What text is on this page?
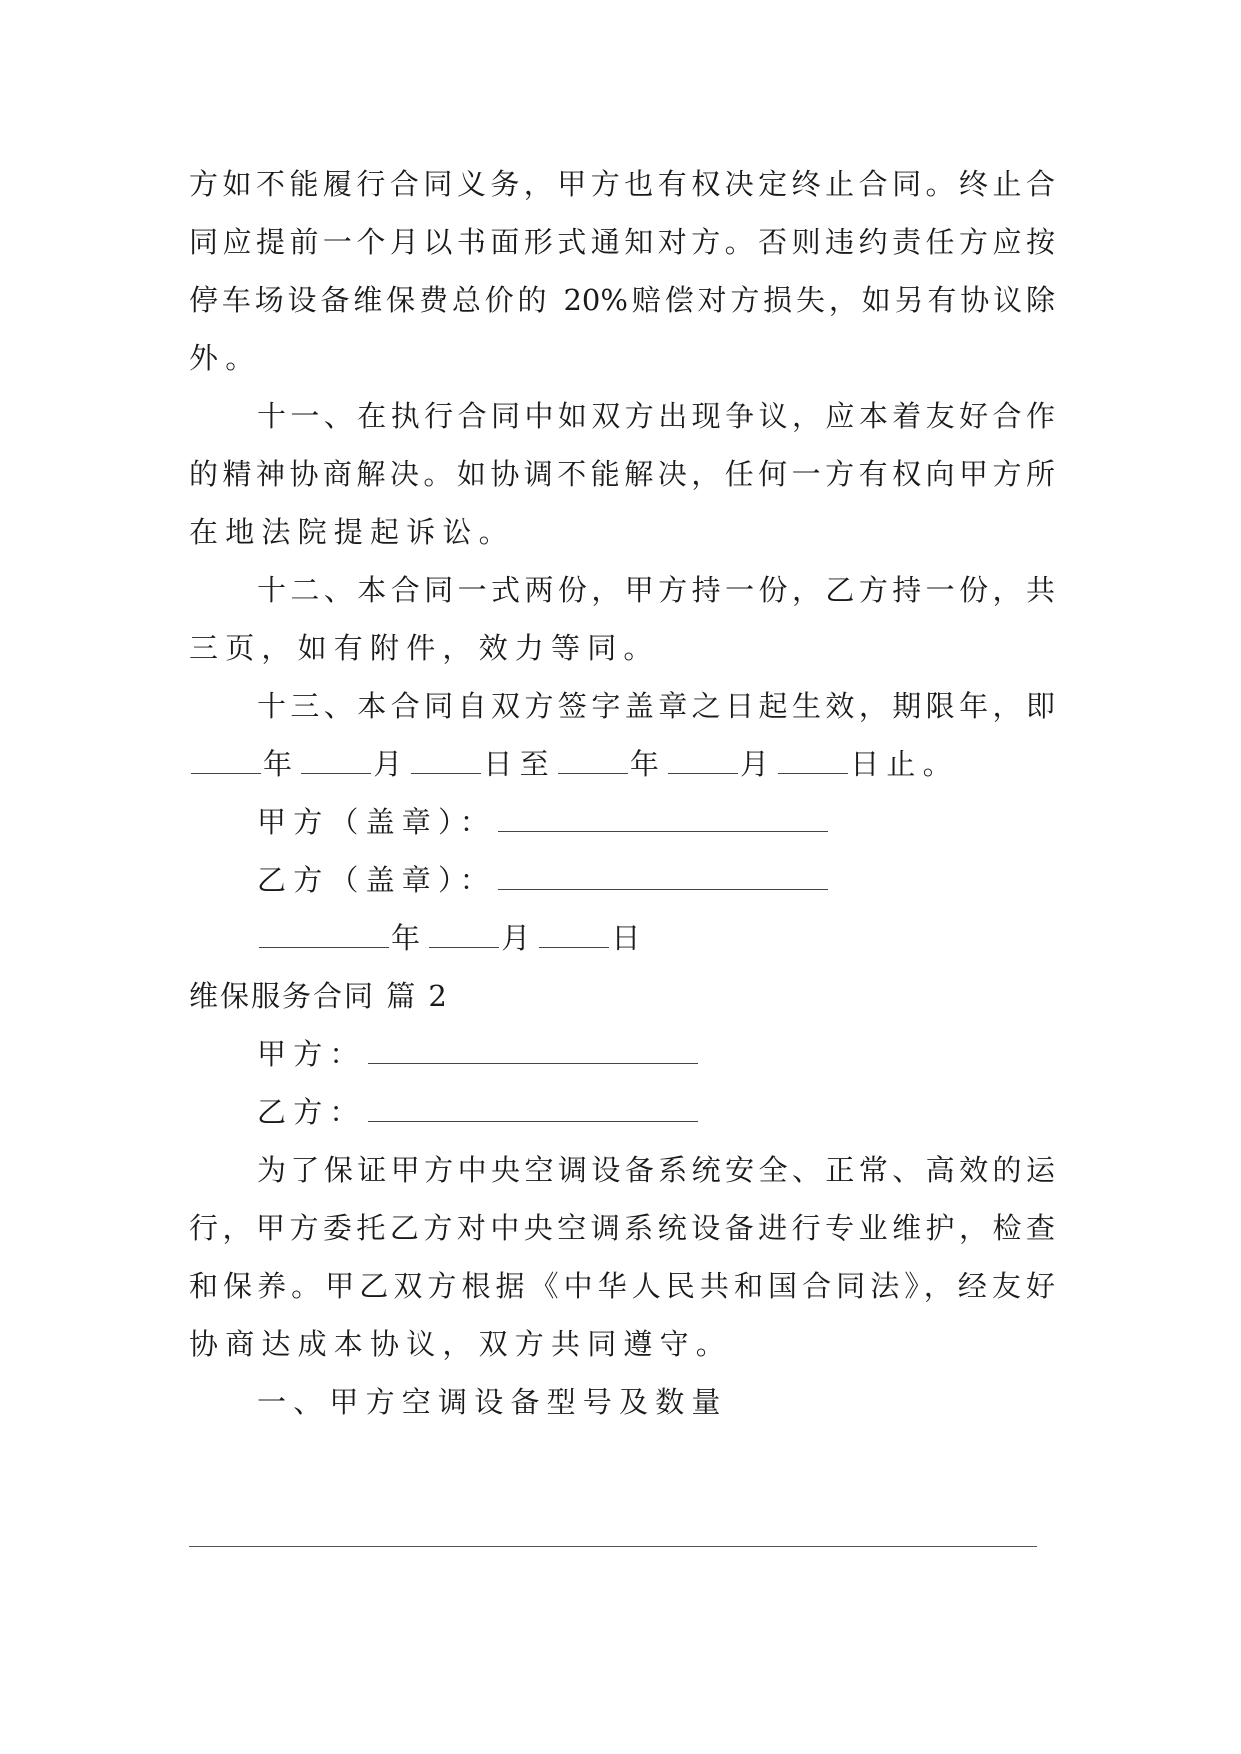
方如不能履行合同义务，甲方也有权决定终止合同。终止合
同应提前一个月以书面形式通知对方。否则违约责任方应按
停车场设备维保费总价的 20%赔偿对方损失，如另有协议除
外。
十一、在执行合同中如双方出现争议，应本着友好合作
的精神协商解决。如协调不能解决，任何一方有权向甲方所
在地法院提起诉讼。
十二、本合同一式两份，甲方持一份，乙方持一份，共
三页，如有附件，效力等同。
十三、本合同自双方签字盖章之日起生效，期限年，即
年	月	日至	年	月	日止。
甲方（盖章）：
乙方（盖章）：
年	月	日
维保服务合同 篇 2
甲方：
乙方：
为了保证甲方中央空调设备系统安全、正常、高效的运
行，甲方委托乙方对中央空调系统设备进行专业维护，检查
和保养。甲乙双方根据《中华人民共和国合同法》，经友好
协商达成本协议，双方共同遵守。
一、甲方空调设备型号及数量
